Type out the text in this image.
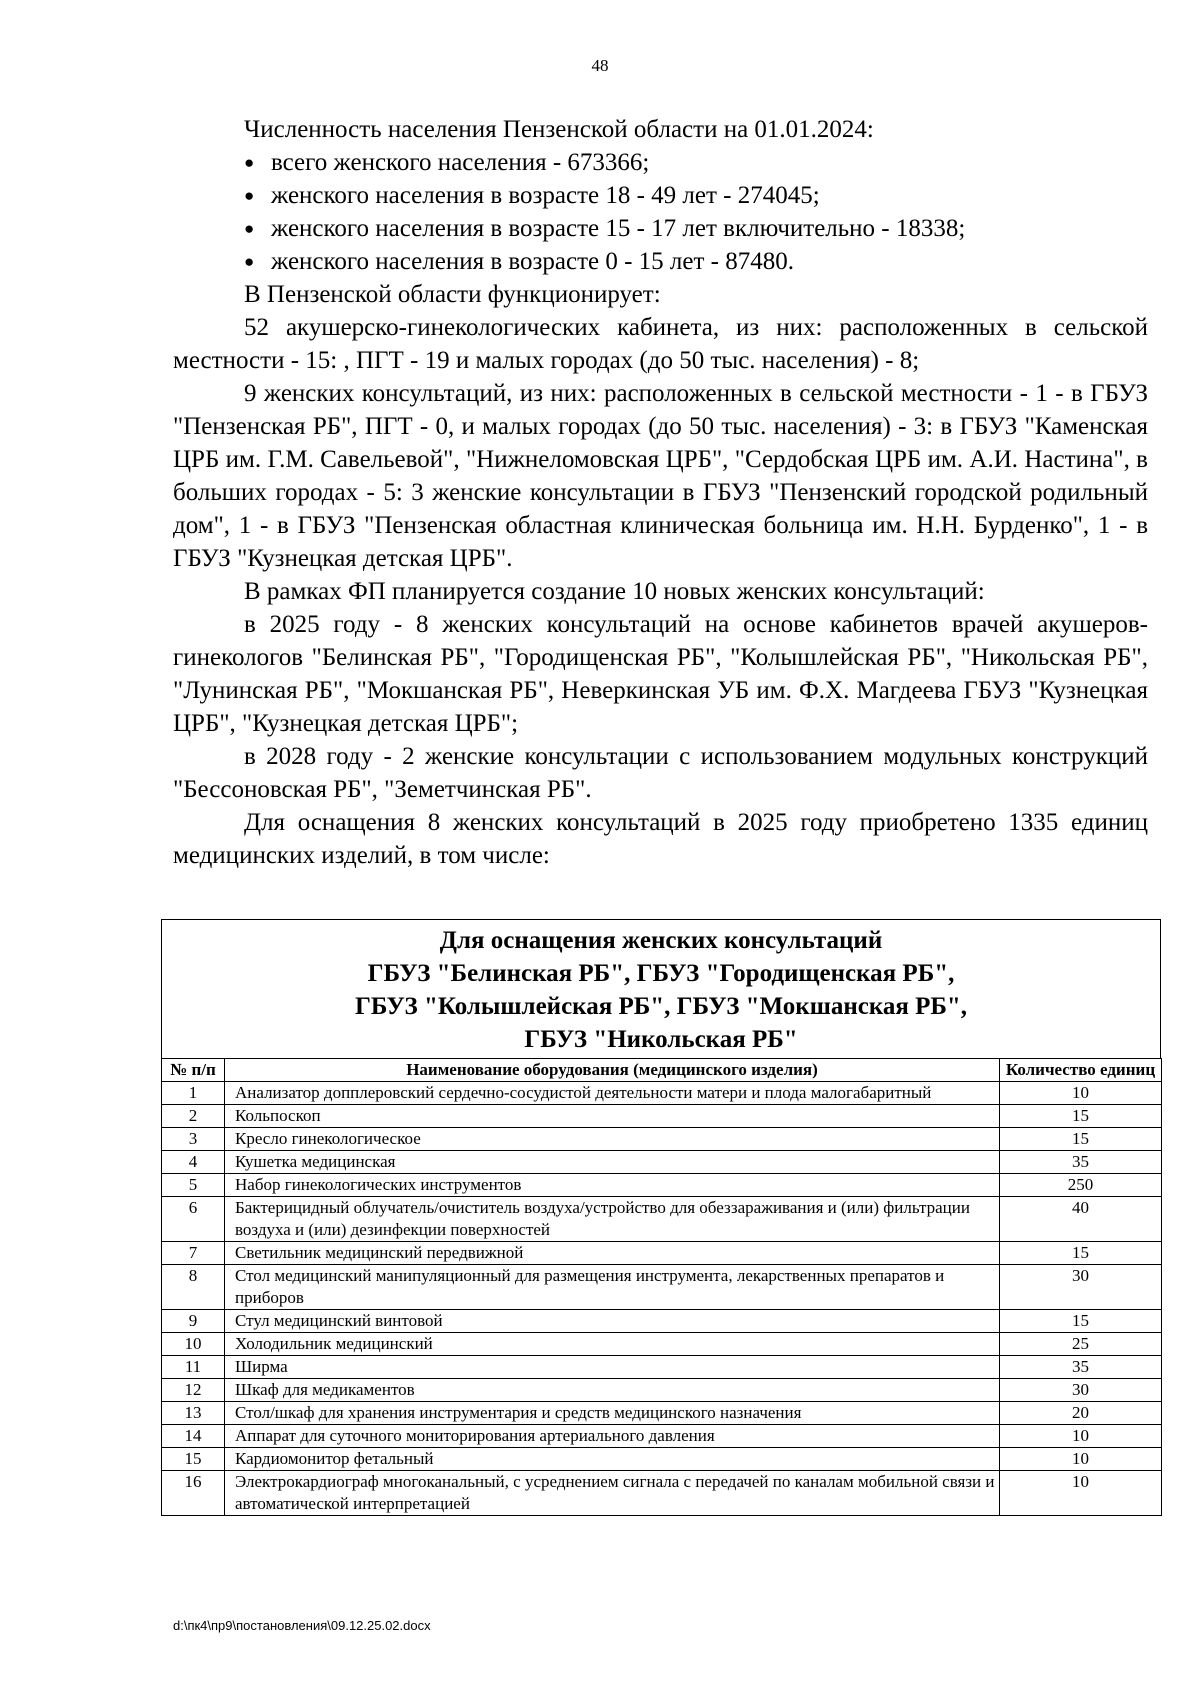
48

Численность населения Пензенской области на 01.01.2024:

● всего женского населения - 673366;
● женского населения в возрасте 18 - 49 лет - 274045;
● женского населения в возрасте 15 - 17 лет включительно - 18338;
● женского населения в возрасте 0 - 15 лет - 87480.

В Пензенской области функционирует:

52 акушерско-гинекологических кабинета, из них: расположенных в сельской местности - 15: , ПГТ - 19 и малых городах (до 50 тыс. населения) - 8;

9 женских консультаций, из них: расположенных в сельской местности - 1 - в ГБУЗ "Пензенская РБ", ПГТ - 0, и малых городах (до 50 тыс. населения) - 3: в ГБУЗ "Каменская ЦРБ им. Г.М. Савельевой", "Нижнеломовская ЦРБ", "Сердобская ЦРБ им. А.И. Настина", в больших городах - 5: 3 женские консультации в ГБУЗ "Пензенский городской родильный дом", 1 - в ГБУЗ "Пензенская областная клиническая больница им. Н.Н. Бурденко", 1 - в ГБУЗ "Кузнецкая детская ЦРБ".

В рамках ФП планируется создание 10 новых женских консультаций:

в 2025 году - 8 женских консультаций на основе кабинетов врачей акушеров-гинекологов "Белинская РБ", "Городищенская РБ", "Колышлейская РБ", "Никольская РБ", "Лунинская РБ", "Мокшанская РБ", Неверкинская УБ им. Ф.Х. Магдеева ГБУЗ "Кузнецкая ЦРБ", "Кузнецкая детская ЦРБ";

в 2028 году - 2 женские консультации с использованием модульных конструкций "Бессоновская РБ", "Земетчинская РБ".

Для оснащения 8 женских консультаций в 2025 году приобретено 1335 единиц медицинских изделий, в том числе:

Для оснащения женских консультаций
ГБУЗ "Белинская РБ", ГБУЗ "Городищенская РБ",
ГБУЗ "Колышлейская РБ", ГБУЗ "Мокшанская РБ",
ГБУЗ "Никольская РБ"
№ п/п	Наименование оборудования (медицинского изделия)	Количество единиц
1	Анализатор допплеровский сердечно-сосудистой деятельности матери и плода малогабаритный	10
2	Кольпоскоп	15
3	Кресло гинекологическое	15
4	Кушетка медицинская	35
5	Набор гинекологических инструментов	250
6	Бактерицидный облучатель/очиститель воздуха/устройство для обеззараживания и (или) фильтрации воздуха и (или) дезинфекции поверхностей	40
7	Светильник медицинский передвижной	15
8	Стол медицинский манипуляционный для размещения инструмента, лекарственных препаратов и приборов	30
9	Стул медицинский винтовой	15
10	Холодильник медицинский	25
11	Ширма	35
12	Шкаф для медикаментов	30
13	Стол/шкаф для хранения инструментария и средств медицинского назначения	20
14	Аппарат для суточного мониторирования артериального давления	10
15	Кардиомонитор фетальный	10
16	Электрокардиограф многоканальный, с усреднением сигнала с передачей по каналам мобильной связи и автоматической интерпретацией	10
d:\пк4\пр9\постановления\09.12.25.02.docx
